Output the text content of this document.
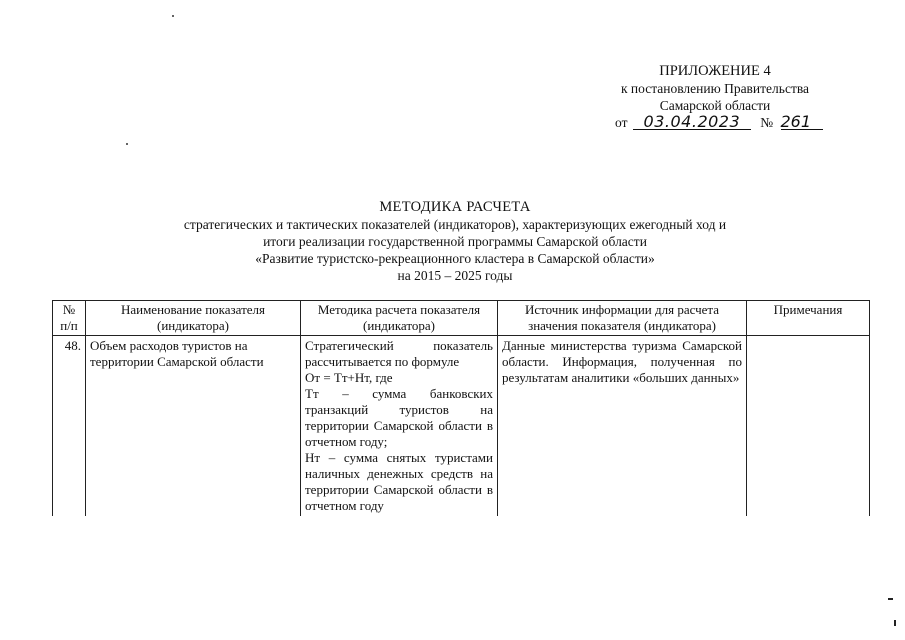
ПРИЛОЖЕНИЕ 4
к постановлению Правительства
Самарской области
от 03.04.2023 № 261
МЕТОДИКА РАСЧЕТА
стратегических и тактических показателей (индикаторов), характеризующих ежегодный ход и
итоги реализации государственной программы Самарской области
«Развитие туристско-рекреационного кластера в Самарской области»
на 2015 – 2025 годы
№ п/п	Наименование показателя (индикатора)	Методика расчета показателя (индикатора)	Источник информации для расчета значения показателя (индикатора)	Примечания
48.	Объем расходов туристов на территории Самарской области	Стратегический показатель рассчитывается по формуле
От = Тт+Нт, где
Тт – сумма банковских транзакций туристов на территории Самарской области в отчетном году;
Нт – сумма снятых туристами наличных денежных средств на территории Самарской области в отчетном году	Данные министерства туризма Самарской области. Информация, полученная по результатам аналитики «больших данных»	
